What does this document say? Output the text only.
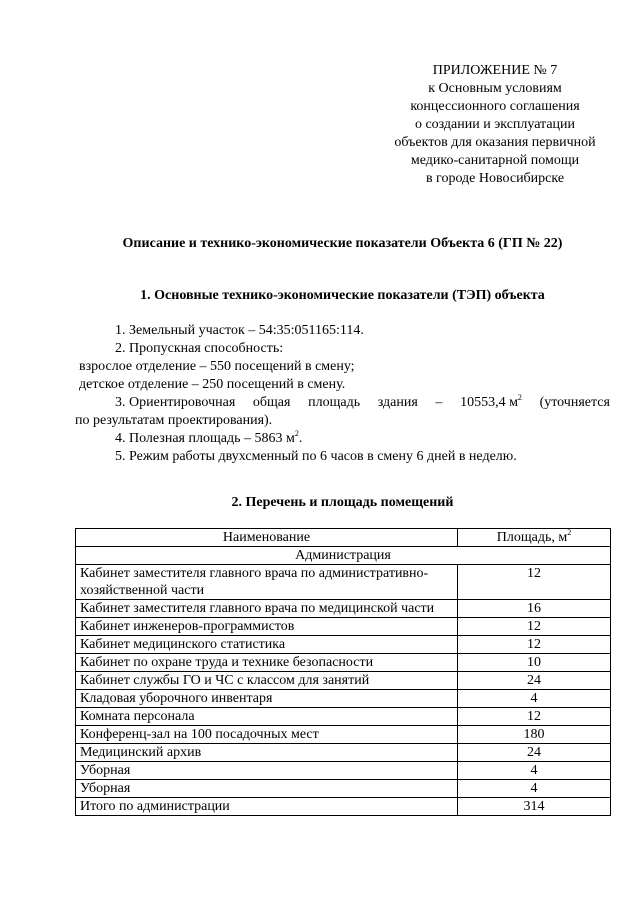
ПРИЛОЖЕНИЕ № 7
к Основным условиям
концессионного соглашения
о создании и эксплуатации
объектов для оказания первичной
медико-санитарной помощи
в городе Новосибирске
Описание и технико-экономические показатели Объекта 6 (ГП № 22)
1. Основные технико-экономические показатели (ТЭП) объекта
1. Земельный участок – 54:35:051165:114.
2. Пропускная способность:
взрослое отделение – 550 посещений в смену;
детское отделение – 250 посещений в смену.
3. Ориентировочная общая площадь здания – 10553,4 $м^2$ (уточняется
по результатам проектирования).
4. Полезная площадь – 5863 $м^2$.
5. Режим работы двухсменный по 6 часов в смену 6 дней в неделю.
2. Перечень и площадь помещений
Наименование	Площадь, $м^2$
Администрация	
Кабинет заместителя главного врача по административно-хозяйственной части	12
Кабинет заместителя главного врача по медицинской части	16
Кабинет инженеров-программистов	12
Кабинет медицинского статистика	12
Кабинет по охране труда и технике безопасности	10
Кабинет службы ГО и ЧС с классом для занятий	24
Кладовая уборочного инвентаря	4
Комната персонала	12
Конференц-зал на 100 посадочных мест	180
Медицинский архив	24
Уборная	4
Уборная	4
Итого по администрации	314
